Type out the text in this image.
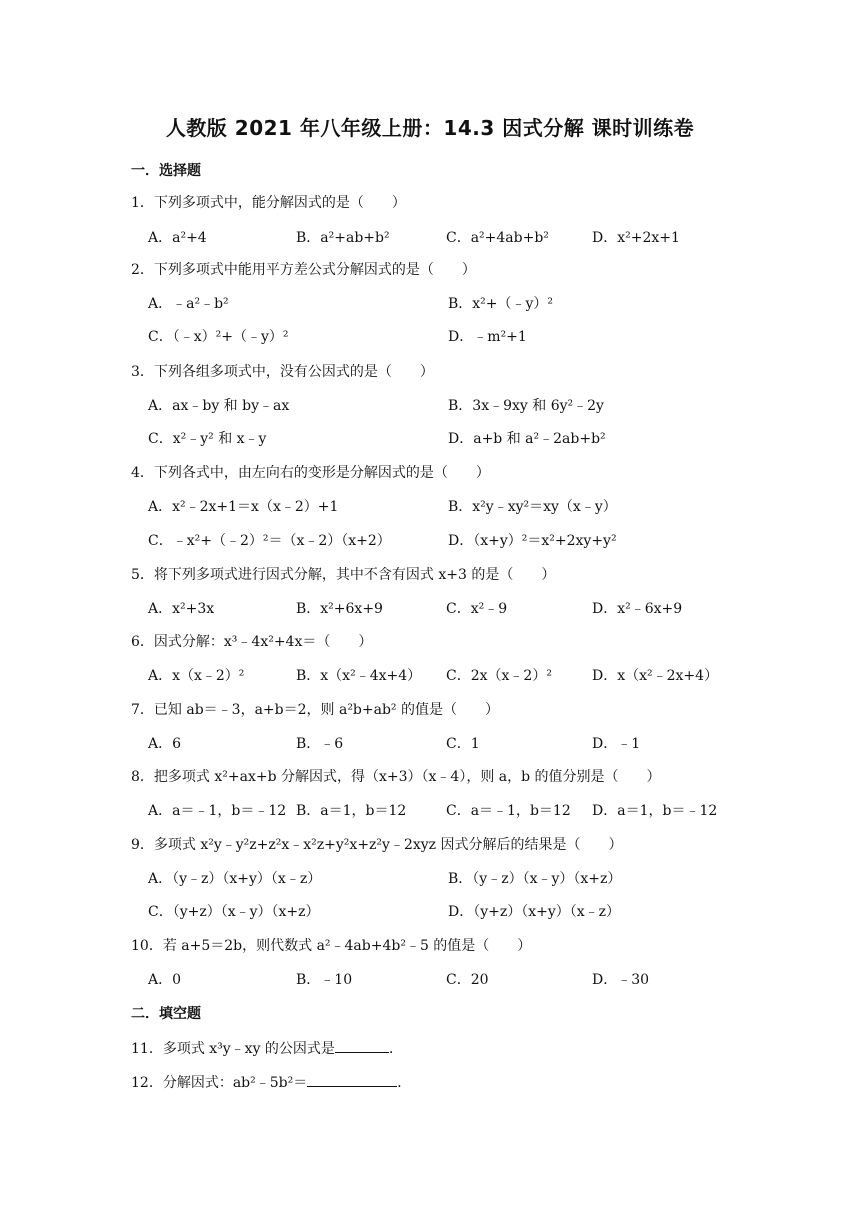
人教版 2021 年八年级上册：14.3 因式分解 课时训练卷
一．选择题
1．下列多项式中，能分解因式的是（　　）
A．a²+4	B．a²+ab+b²	C．a²+4ab+b²	D．x²+2x+1
2．下列多项式中能用平方差公式分解因式的是（　　）
A．﹣a²﹣b²	B．x²+（﹣y）²
C．（﹣x）²+（﹣y）²	D．﹣m²+1
3．下列各组多项式中，没有公因式的是（　　）
A．ax﹣by 和 by﹣ax	B．3x﹣9xy 和 6y²﹣2y
C．x²﹣y² 和 x﹣y	D．a+b 和 a²﹣2ab+b²
4．下列各式中，由左向右的变形是分解因式的是（　　）
A．x²﹣2x+1＝x（x﹣2）+1	B．x²y﹣xy²＝xy（x﹣y）
C．﹣x²+（﹣2）²＝（x﹣2）（x+2）	D．（x+y）²＝x²+2xy+y²
5．将下列多项式进行因式分解，其中不含有因式 x+3 的是（　　）
A．x²+3x	B．x²+6x+9	C．x²﹣9	D．x²﹣6x+9
6．因式分解：x³﹣4x²+4x＝（　　）
A．x（x﹣2）²	B．x（x²﹣4x+4） C．2x（x﹣2）²	D．x（x²﹣2x+4）
7．已知 ab＝﹣3，a+b＝2，则 a²b+ab² 的值是（　　）
A．6	B．﹣6	C．1	D．﹣1
8．把多项式 x²+ax+b 分解因式，得（x+3）（x﹣4），则 a，b 的值分别是（　　）
A．a＝﹣1，b＝﹣12 B．a＝1，b＝12	C．a＝﹣1，b＝12 D．a＝1，b＝﹣12
9．多项式 x²y﹣y²z+z²x﹣x²z+y²x+z²y﹣2xyz 因式分解后的结果是（　　）
A．（y﹣z）（x+y）（x﹣z）	B．（y﹣z）（x﹣y）（x+z）
C．（y+z）（x﹣y）（x+z）	D．（y+z）（x+y）（x﹣z）
10．若 a+5＝2b，则代数式 a²﹣4ab+4b²﹣5 的值是（　　）
A．0	B．﹣10	C．20	D．﹣30
二．填空题
11．多项式 x³y﹣xy 的公因式是	．
12．分解因式：ab²﹣5b²＝	．
